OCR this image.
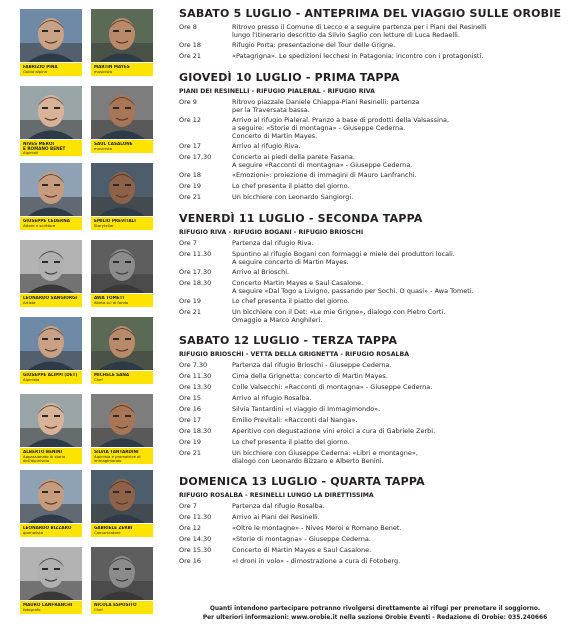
FABRIZIO PINA
Guida alpina
MARTIN MAYES
musicista
NIVES MEROI
E ROMANO BENET
Alpinisti
SAUL CASALONE
musicista
GIUSEPPE CEDERNA
Attore e scrittore
EMILIO PREVITALI
Storyteller
LEONARDO SANGIORGI
Artista
AWA TOMETI
Atleta sci di fondo
GIUSEPPE ALIPPI (DET)
Alpinista
MICHELE SANA
Chef
ALBERTO BENINI
Appassionato di storia dell'alpinismo
SILVIA TANTARDINI
Alpinista e promotrice di immagimondo
LEONARDO BIZZARO
giornalista
GABRIELE ZERBI
Comunicatore
MAURO LANFRANCHI
fotografo
NICOLA ESPOSITO
Chef
SABATO 5 LUGLIO - ANTEPRIMA DEL VIAGGIO SULLE OROBIE
Ore 8	Ritrovo presso il Comune di Lecco e a seguire partenza per i Piani dei Resinelli
lungo l'itinerario descritto da Silvio Saglio con letture di Luca Redaelli.
Ore 18	Rifugio Porta: presentazione del Tour delle Grigne.
Ore 21	«Patagrigna». Le spedizioni lecchesi in Patagonia; incontro con i protagonisti.
GIOVEDÌ 10 LUGLIO - PRIMA TAPPA
PIANI DEI RESINELLI - RIFUGIO PIALERAL - RIFUGIO RIVA
Ore 9	Ritrovo piazzale Daniele Chiappa-Piani Resinelli: partenza
per la Traversata bassa.
Ore 12	Arrivo al rifugio Pialeral. Pranzo a base di prodotti della Valsassina,
a seguire: «Storie di montagna» - Giuseppe Cederna.
Concerto di Martin Mayes.
Ore 17	Arrivo al rifugio Riva.
Ore 17,30	Concerto ai piedi della parete Fasana.
A seguire «Racconti di montagna» - Giuseppe Cederna.
Ore 18	«Emozioni»: proiezione di immagini di Mauro Lanfranchi.
Ore 19	Lo chef presenta il piatto del giorno.
Ore 21	Un bicchiere con Leonardo Sangiorgi.
VENERDÌ 11 LUGLIO - SECONDA TAPPA
RIFUGIO RIVA - RIFUGIO BOGANI - RIFUGIO BRIOSCHI
Ore 7	Partenza dal rifugio Riva.
Ore 11.30	Spuntino al rifugio Bogani con formaggi e miele dei produttori locali.
A seguire concerto di Martin Mayes.
Ore 17.30	Arrivo al Brioschi.
Ore 18.30	Concerto Martin Mayes e Saul Casalone.
A seguire «Dal Togo a Livigno, passando per Sochi. O quasi» - Awa Tometi.
Ore 19	Lo chef presenta il piatto del giorno.
Ore 21	Un bicchiere con il Det: «Le mie Grigne», dialogo con Pietro Corti.
Omaggio a Marco Anghileri.
SABATO 12 LUGLIO - TERZA TAPPA
RIFUGIO BRIOSCHI - VETTA DELLA GRIGNETTA - RIFUGIO ROSALBA
Ore 7.30	Partenza dal rifugio Brioschi - Giuseppe Cederna.
Ore 11.30	Cima della Grignetta: concerto di Martin Mayes.
Ore 13.30	Colle Valsecchi: «Racconti di montagna» - Giuseppe Cederna.
Ore 15	Arrivo al rifugio Rosalba.
Ore 16	Silvia Tantardini «I viaggio di Immagimondo».
Ore 17	Emilio Previtali: «Racconti dal Nanga».
Ore 18.30	Aperitivo con degustazione vini eroici a cura di Gabriele Zerbi.
Ore 19	Lo chef presenta il piatto del giorno.
Ore 21	Un bicchiere con Giuseppe Cederna: «Libri e montagne»,
dialogo con Leonardo Bizzaro e Alberto Benini.
DOMENICA 13 LUGLIO - QUARTA TAPPA
RIFUGIO ROSALBA - RESINELLI LUNGO LA DIRETTISSIMA
Ore 7	Partenza dal rifugio Rosalba.
Ore 11.30	Arrivo ai Piani dei Resinelli.
Ore 12	«Oltre le montagne» - Nives Meroi e Romano Benet.
Ore 14.30	«Storie di montagna» - Giuseppe Cederna.
Ore 15.30	Concerto di Martin Mayes e Saul Casalone.
Ore 16	«I droni in volo» - dimostrazione a cura di Fotoberg.
Quanti intendono partecipare potranno rivolgersi direttamente ai rifugi per prenotare il soggiorno.
Per ulteriori informazioni: www.orobie.it nella sezione Orobie Eventi - Redazione di Orobie: 035.240666
